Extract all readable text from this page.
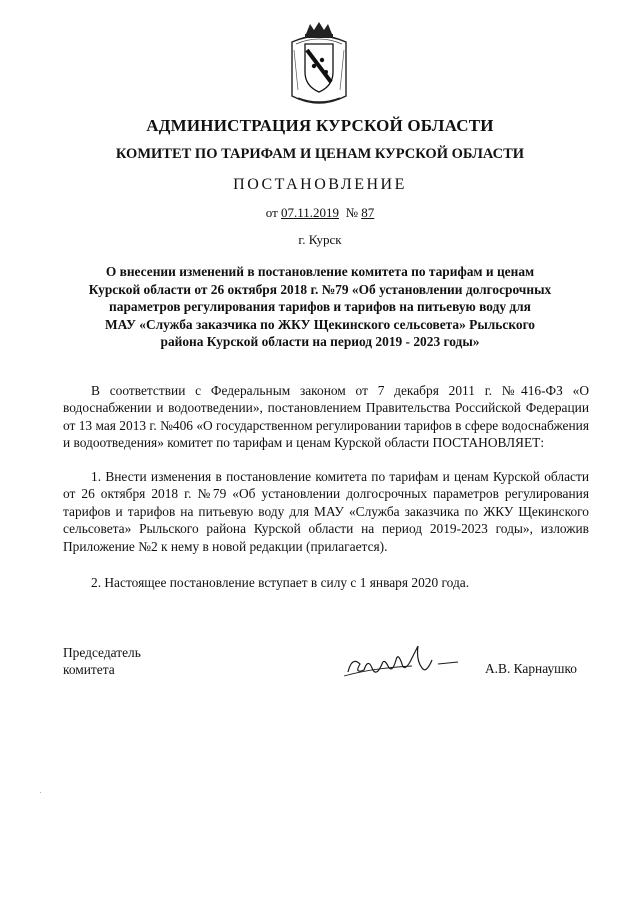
АДМИНИСТРАЦИЯ КУРСКОЙ ОБЛАСТИ
КОМИТЕТ ПО ТАРИФАМ И ЦЕНАМ КУРСКОЙ ОБЛАСТИ
ПОСТАНОВЛЕНИЕ
от 07.11.2019 № 87
г. Курск
О внесении изменений в постановление комитета по тарифам и ценам
Курской области от 26 октября 2018 г. №79 «Об установлении долгосрочных
параметров регулирования тарифов и тарифов на питьевую воду для
МАУ «Служба заказчика по ЖКУ Щекинского сельсовета» Рыльского
района Курской области на период 2019 - 2023 годы»
В соответствии с Федеральным законом от 7 декабря 2011 г. №416-ФЗ «О водоснабжении и водоотведении», постановлением Правительства Российской Федерации от 13 мая 2013 г. №406 «О государственном регулировании тарифов в сфере водоснабжения и водоотведения» комитет по тарифам и ценам Курской области ПОСТАНОВЛЯЕТ:
1. Внести изменения в постановление комитета по тарифам и ценам Курской области от 26 октября 2018 г. №79 «Об установлении долгосрочных параметров регулирования тарифов и тарифов на питьевую воду для МАУ «Служба заказчика по ЖКУ Щекинского сельсовета» Рыльского района Курской области на период 2019-2023 годы», изложив Приложение №2 к нему в новой редакции (прилагается).
2. Настоящее постановление вступает в силу с 1 января 2020 года.
Председатель
комитета	А.В. Карнаушко
